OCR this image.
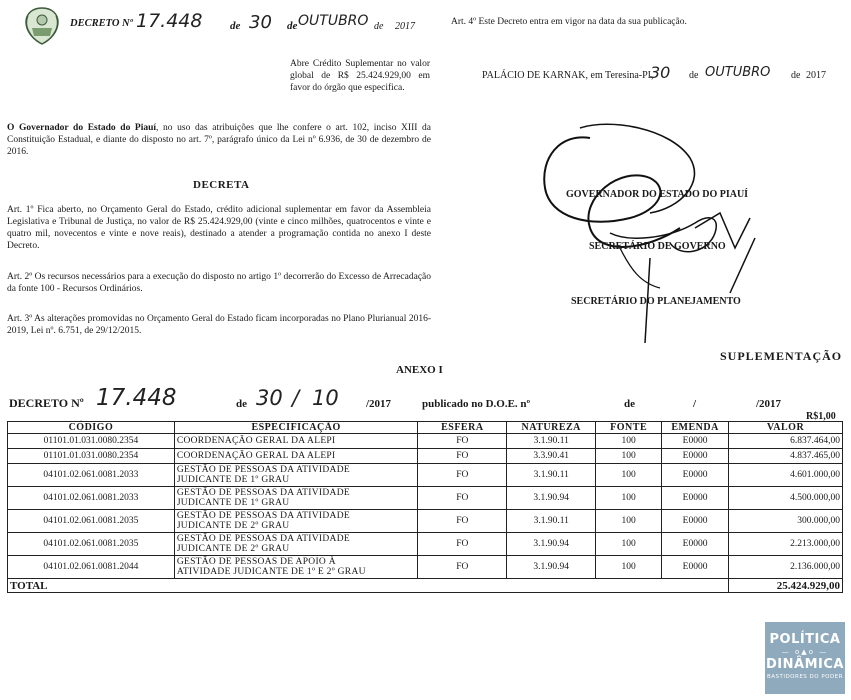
DECRETO Nº 17.448	de 30 de OUTUBRO de 2017

Abre Crédito Suplementar no valor global de R$ 25.424.929,00 em favor do órgão que especifica.

O Governador do Estado do Piauí, no uso das atribuições que lhe confere o art. 102, inciso XIII da Constituição Estadual, e diante do disposto no art. 7º, parágrafo único da Lei nº 6.936, de 30 de dezembro de 2016.

DECRETA

Art. 1º Fica aberto, no Orçamento Geral do Estado, crédito adicional suplementar em favor da Assembleia Legislativa e Tribunal de Justiça, no valor de R$ 25.424.929,00 (vinte e cinco milhões, quatrocentos e vinte e quatro mil, novecentos e vinte e nove reais), destinado a atender a programação contida no anexo I deste Decreto.

Art. 2º Os recursos necessários para a execução do disposto no artigo 1º decorrerão do Excesso de Arrecadação da fonte 100 - Recursos Ordinários.

Art. 3º As alterações promovidas no Orçamento Geral do Estado ficam incorporadas no Plano Plurianual 2016-2019, Lei nº. 6.751, de 29/12/2015.

Art. 4º Este Decreto entra em vigor na data da sua publicação.

PALÁCIO DE KARNAK, em Teresina-PI,
30 de OUTUBRO de 2017
GOVERNADOR DO ESTADO DO PIAUÍ
SECRETÁRIO DE GOVERNO
SECRETÁRIO DO PLANEJAMENTO
SUPLEMENTAÇÃO
ANEXO I
DECRETO Nº 17.448	de 30 / 10 /2017	publicado no D.O.E. nº	de	/	/2017
R$1,00
CÓDIGO	ESPECIFICAÇÃO	ESFERA	NATUREZA	FONTE	EMENDA	VALOR
01101.01.031.0080.2354	COORDENAÇÃO GERAL DA ALEPI	FO	3.1.90.11	100	E0000	6.837.464,00
01101.01.031.0080.2354	COORDENAÇÃO GERAL DA ALEPI	FO	3.3.90.41	100	E0000	4.837.465,00
04101.02.061.0081.2033	GESTÃO DE PESSOAS DA ATIVIDADE
JUDICANTE DE 1º GRAU	FO	3.1.90.11	100	E0000	4.601.000,00
04101.02.061.0081.2033	GESTÃO DE PESSOAS DA ATIVIDADE
JUDICANTE DE 1º GRAU	FO	3.1.90.94	100	E0000	4.500.000,00
04101.02.061.0081.2035	GESTÃO DE PESSOAS DA ATIVIDADE
JUDICANTE DE 2º GRAU	FO	3.1.90.11	100	E0000	300.000,00
04101.02.061.0081.2035	GESTÃO DE PESSOAS DA ATIVIDADE
JUDICANTE DE 2º GRAU	FO	3.1.90.94	100	E0000	2.213.000,00
04101.02.061.0081.2044	GESTÃO DE PESSOAS DE APOIO À
ATIVIDADE JUDICANTE DE 1º E 2º GRAU	FO	3.1.90.94	100	E0000	2.136.000,00
TOTAL						25.424.929,00
POLÍTICA
— o▲o —
DINÂMICA
BASTIDORES DO PODER
